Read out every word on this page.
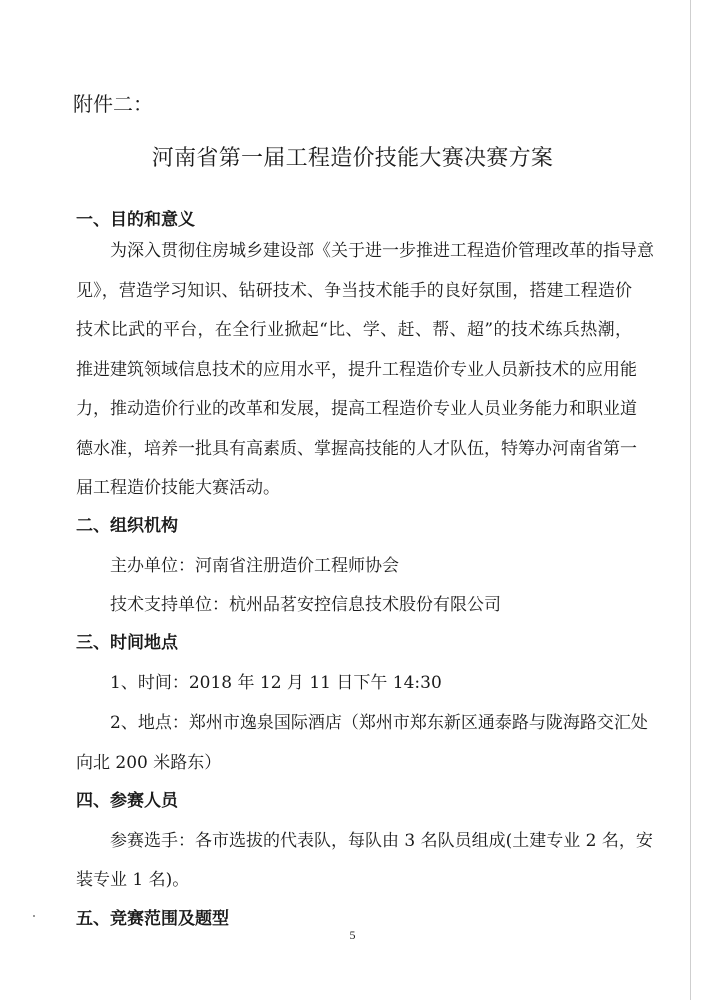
附件二：
河南省第一届工程造价技能大赛决赛方案
一、目的和意义
为深入贯彻住房城乡建设部《关于进一步推进工程造价管理改革的指导意
见》，营造学习知识、钻研技术、争当技术能手的良好氛围，搭建工程造价
技术比武的平台，在全行业掀起“比、学、赶、帮、超”的技术练兵热潮，
推进建筑领域信息技术的应用水平，提升工程造价专业人员新技术的应用能
力，推动造价行业的改革和发展，提高工程造价专业人员业务能力和职业道
德水准，培养一批具有高素质、掌握高技能的人才队伍，特筹办河南省第一
届工程造价技能大赛活动。
二、组织机构
主办单位：河南省注册造价工程师协会
技术支持单位：杭州品茗安控信息技术股份有限公司
三、时间地点
1、时间：2018 年 12 月 11 日下午 14:30
2、地点：郑州市逸泉国际酒店（郑州市郑东新区通泰路与陇海路交汇处
向北 200 米路东）
四、参赛人员
参赛选手：各市选拔的代表队，每队由 3 名队员组成(土建专业 2 名，安
装专业 1 名)。
五、竞赛范围及题型
5
